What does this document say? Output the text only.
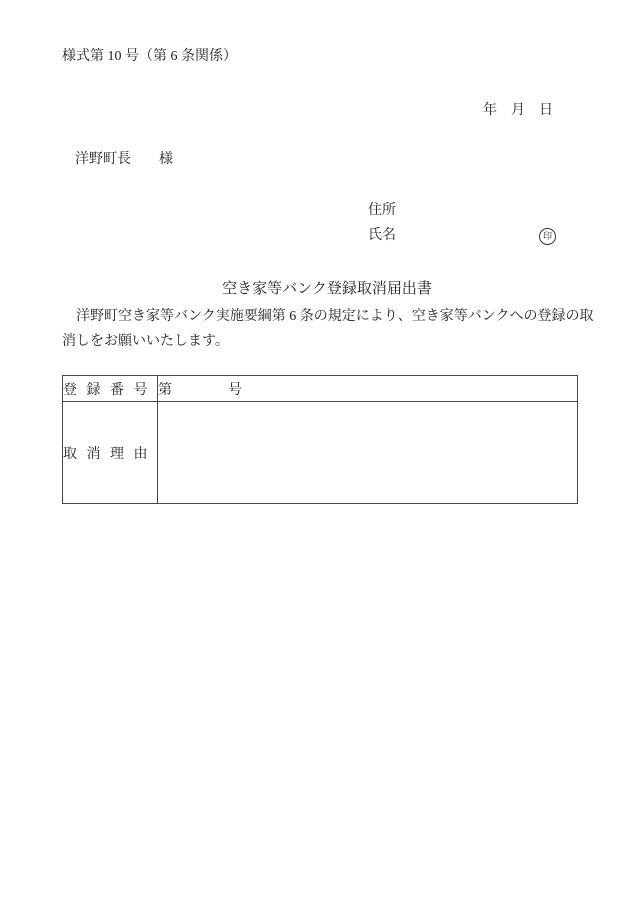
様式第 10 号（第 6 条関係）
年　月　日
洋野町長　　様
住所
氏名	印
空き家等バンク登録取消届出書
　洋野町空き家等バンク実施要綱第 6 条の規定により、空き家等バンクへの登録の取
消しをお願いいたします。
登録番号	第　　　　号
取消理由	
